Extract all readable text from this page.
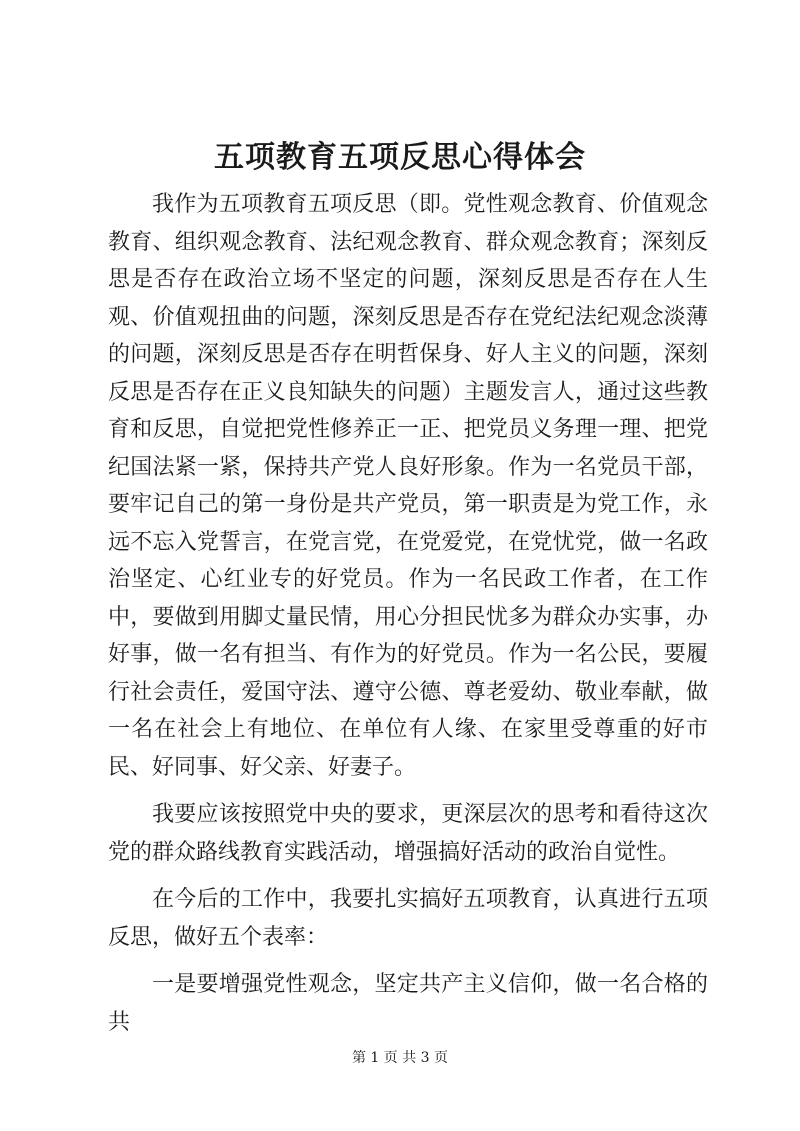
五项教育五项反思心得体会

我作为五项教育五项反思（即。党性观念教育、价值观念教育、组织观念教育、法纪观念教育、群众观念教育；深刻反思是否存在政治立场不坚定的问题，深刻反思是否存在人生观、价值观扭曲的问题，深刻反思是否存在党纪法纪观念淡薄的问题，深刻反思是否存在明哲保身、好人主义的问题，深刻反思是否存在正义良知缺失的问题）主题发言人，通过这些教育和反思，自觉把党性修养正一正、把党员义务理一理、把党纪国法紧一紧，保持共产党人良好形象。作为一名党员干部，要牢记自己的第一身份是共产党员，第一职责是为党工作，永远不忘入党誓言，在党言党，在党爱党，在党忧党，做一名政治坚定、心红业专的好党员。作为一名民政工作者，在工作中，要做到用脚丈量民情，用心分担民忧多为群众办实事，办好事，做一名有担当、有作为的好党员。作为一名公民，要履行社会责任，爱国守法、遵守公德、尊老爱幼、敬业奉献，做一名在社会上有地位、在单位有人缘、在家里受尊重的好市民、好同事、好父亲、好妻子。

我要应该按照党中央的要求，更深层次的思考和看待这次党的群众路线教育实践活动，增强搞好活动的政治自觉性。

在今后的工作中，我要扎实搞好五项教育，认真进行五项反思，做好五个表率：

一是要增强党性观念，坚定共产主义信仰，做一名合格的共

第 1 页 共 3 页
